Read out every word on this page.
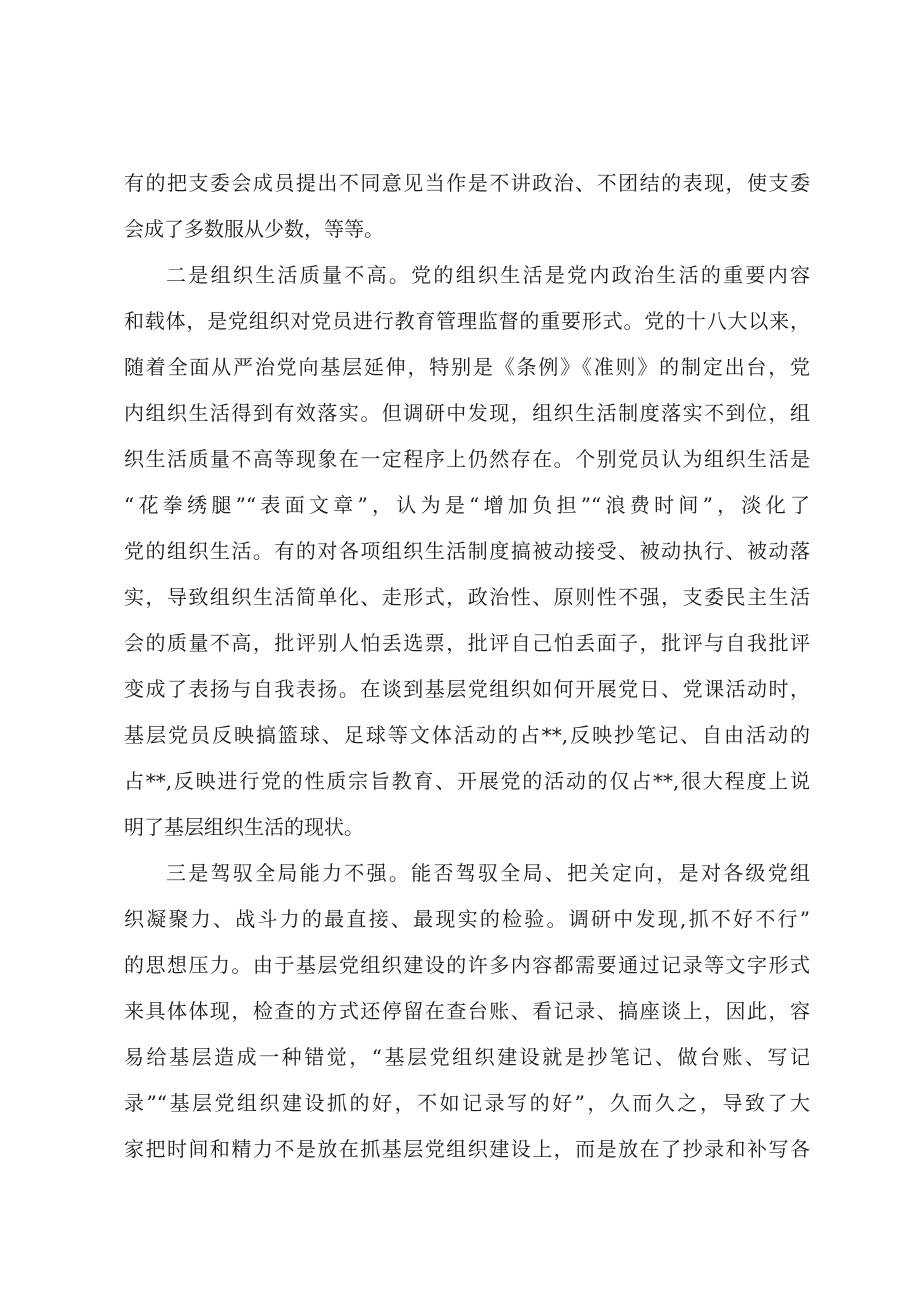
有的把支委会成员提出不同意见当作是不讲政治、不团结的表现，使支委
会成了多数服从少数，等等。
二是组织生活质量不高。党的组织生活是党内政治生活的重要内容
和载体，是党组织对党员进行教育管理监督的重要形式。党的十八大以来，
随着全面从严治党向基层延伸，特别是《条例》《准则》的制定出台，党
内组织生活得到有效落实。但调研中发现，组织生活制度落实不到位，组
织生活质量不高等现象在一定程序上仍然存在。个别党员认为组织生活是
“花拳绣腿”“表面文章”，认为是“增加负担”“浪费时间”，淡化了
党的组织生活。有的对各项组织生活制度搞被动接受、被动执行、被动落
实，导致组织生活简单化、走形式，政治性、原则性不强，支委民主生活
会的质量不高，批评别人怕丢选票，批评自己怕丢面子，批评与自我批评
变成了表扬与自我表扬。在谈到基层党组织如何开展党日、党课活动时，
基层党员反映搞篮球、足球等文体活动的占**,反映抄笔记、自由活动的
占**,反映进行党的性质宗旨教育、开展党的活动的仅占**,很大程度上说
明了基层组织生活的现状。
三是驾驭全局能力不强。能否驾驭全局、把关定向，是对各级党组
织凝聚力、战斗力的最直接、最现实的检验。调研中发现,抓不好不行”
的思想压力。由于基层党组织建设的许多内容都需要通过记录等文字形式
来具体体现，检查的方式还停留在查台账、看记录、搞座谈上，因此，容
易给基层造成一种错觉，“基层党组织建设就是抄笔记、做台账、写记
录”“基层党组织建设抓的好，不如记录写的好”，久而久之，导致了大
家把时间和精力不是放在抓基层党组织建设上，而是放在了抄录和补写各
